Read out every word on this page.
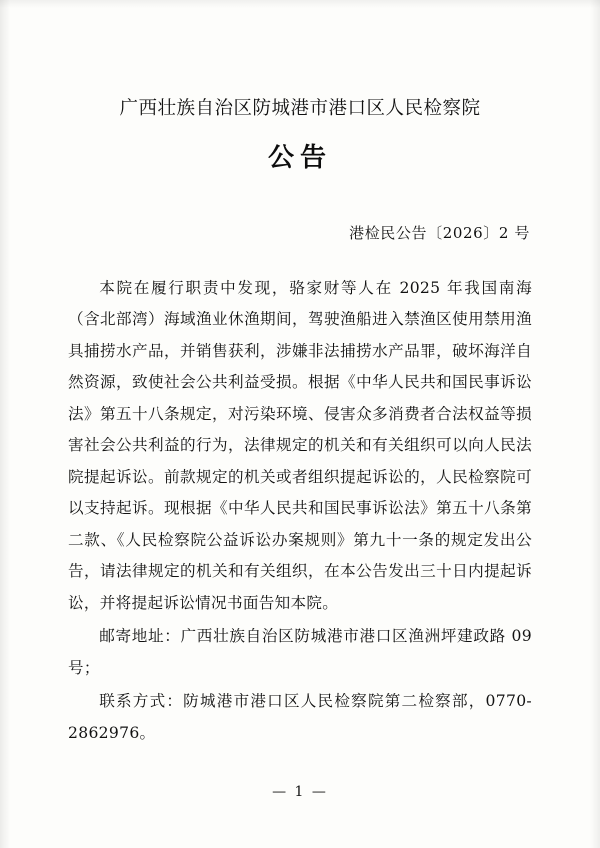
广西壮族自治区防城港市港口区人民检察院
公告
港检民公告〔2026〕2 号

本院在履行职责中发现，骆家财等人在 2025 年我国南海（含北部湾）海域渔业休渔期间，驾驶渔船进入禁渔区使用禁用渔具捕捞水产品，并销售获利，涉嫌非法捕捞水产品罪，破坏海洋自然资源，致使社会公共利益受损。根据《中华人民共和国民事诉讼法》第五十八条规定，对污染环境、侵害众多消费者合法权益等损害社会公共利益的行为，法律规定的机关和有关组织可以向人民法院提起诉讼。前款规定的机关或者组织提起诉讼的，人民检察院可以支持起诉。现根据《中华人民共和国民事诉讼法》第五十八条第二款、《人民检察院公益诉讼办案规则》第九十一条的规定发出公告，请法律规定的机关和有关组织，在本公告发出三十日内提起诉讼，并将提起诉讼情况书面告知本院。

邮寄地址：广西壮族自治区防城港市港口区渔洲坪建政路 09 号；

联系方式：防城港市港口区人民检察院第二检察部，0770-2862976。

— 1 —
